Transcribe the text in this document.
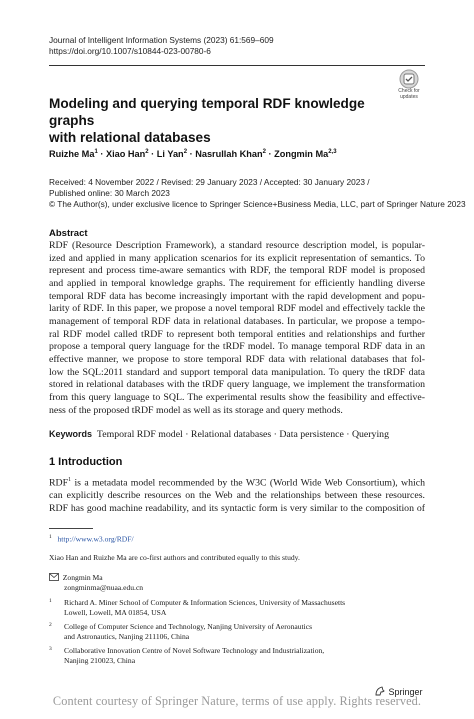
Journal of Intelligent Information Systems (2023) 61:569–609
https://doi.org/10.1007/s10844-023-00780-6
Check for
updates
Modeling and querying temporal RDF knowledge graphs
with relational databases
Ruizhe $Ma^1$ · Xiao Han$^2$ · Li Yan$^2$ · Nasrullah Khan$^2$ · Zongmin Ma$^{2,3}$
Received: 4 November 2022 / Revised: 29 January 2023 / Accepted: 30 January 2023 /
Published online: 30 March 2023
© The Author(s), under exclusive licence to Springer Science+Business Media, LLC, part of Springer Nature 2023
Abstract
RDF (Resource Description Framework), a standard resource description model, is popular-
ized and applied in many application scenarios for its explicit representation of semantics. To
represent and process time-aware semantics with RDF, the temporal RDF model is proposed
and applied in temporal knowledge graphs. The requirement for efficiently handling diverse
temporal RDF data has become increasingly important with the rapid development and popu-
larity of RDF. In this paper, we propose a novel temporal RDF model and effectively tackle the
management of temporal RDF data in relational databases. In particular, we propose a tempo-
ral RDF model called tRDF to represent both temporal entities and relationships and further
propose a temporal query language for the tRDF model. To manage temporal RDF data in an
effective manner, we propose to store temporal RDF data with relational databases that fol-
low the SQL:2011 standard and support temporal data manipulation. To query the tRDF data
stored in relational databases with the tRDF query language, we implement the transformation
from this query language to SQL. The experimental results show the feasibility and effective-
ness of the proposed tRDF model as well as its storage and query methods.
Keywords Temporal RDF model · Relational databases · Data persistence · Querying
1 Introduction
RDF$^1$ is a metadata model recommended by the W3C (World Wide Web Consortium), which
can explicitly describe resources on the Web and the relationships between these resources.
RDF has good machine readability, and its syntactic form is very similar to the composition of
$^1$ http://www.w3.org/RDF/
Xiao Han and Ruizhe Ma are co-first authors and contributed equally to this study.
Zongmin Ma
zongminma@nuaa.edu.cn
1 Richard A. Miner School of Computer & Information Sciences, University of Massachusetts
Lowell, Lowell, MA 01854, USA
2 College of Computer Science and Technology, Nanjing University of Aeronautics
and Astronautics, Nanjing 211106, China
3 Collaborative Innovation Centre of Novel Software Technology and Industrialization,
Nanjing 210023, China
Springer
Content courtesy of Springer Nature, terms of use apply. Rights reserved.
